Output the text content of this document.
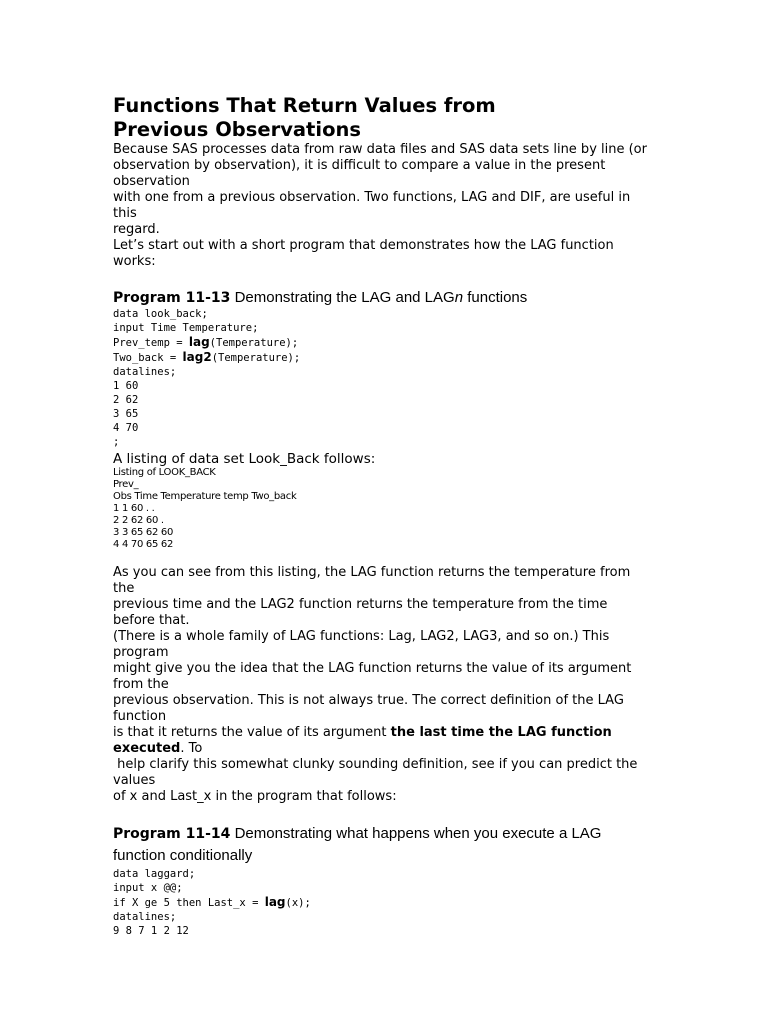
Functions That Return Values from
Previous Observations

Because SAS processes data from raw data files and SAS data sets line by line (or

observation by observation), it is difficult to compare a value in the present

observation

with one from a previous observation. Two functions, LAG and DIF, are useful in

this

regard.

Let’s start out with a short program that demonstrates how the LAG function

works:

Program 11-13 Demonstrating the LAG and LAGn functions

data look_back;
input Time Temperature;
Prev_temp = lag(Temperature);
Two_back = lag2(Temperature);
datalines;
1 60
2 62
3 65
4 70
;

A listing of data set Look_Back follows:

Listing of LOOK_BACK
Prev_
Obs Time Temperature temp Two_back
1 1 60 . .
2 2 62 60 .
3 3 65 62 60
4 4 70 65 62

As you can see from this listing, the LAG function returns the temperature from

the

previous time and the LAG2 function returns the temperature from the time

before that.

(There is a whole family of LAG functions: Lag, LAG2, LAG3, and so on.) This

program

might give you the idea that the LAG function returns the value of its argument

from the

previous observation. This is not always true. The correct definition of the LAG

function

is that it returns the value of its argument the last time the LAG function

executed. To

help clarify this somewhat clunky sounding definition, see if you can predict the

values

of x and Last_x in the program that follows:

Program 11-14 Demonstrating what happens when you execute a LAG
function conditionally

data laggard;
input x @@;
if X ge 5 then Last_x = lag(x);
datalines;
9 8 7 1 2 12
